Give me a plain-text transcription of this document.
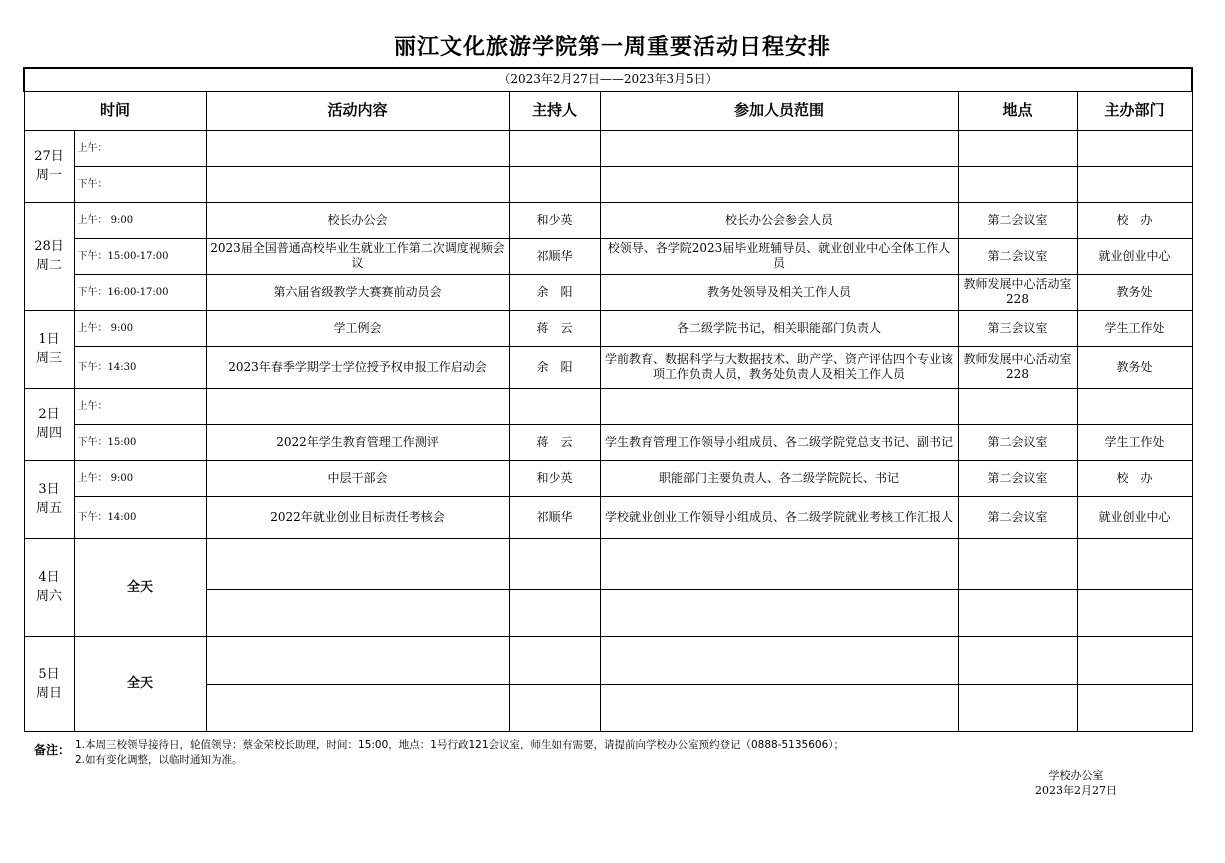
丽江文化旅游学院第一周重要活动日程安排
（2023年2月27日——2023年3月5日）						
时间		活动内容	主持人	参加人员范围	地点	主办部门

27日
周一	上午：					
	下午：					

28日
周二	上午： 9:00	校长办公会	和少英	校长办公会参会人员	第二会议室	校　办
	下午：15:00-17:00	2023届全国普通高校毕业生就业工作第二次调度视频会议	祁顺华	校领导、各学院2023届毕业班辅导员、就业创业中心全体工作人员	第二会议室	就业创业中心
	下午：16:00-17:00	第六届省级教学大赛赛前动员会	余　阳	教务处领导及相关工作人员	教师发展中心活动室228	教务处

1日
周三	上午： 9:00	学工例会	蒋　云	各二级学院书记，相关职能部门负责人	第三会议室	学生工作处
	下午：14:30	2023年春季学期学士学位授予权申报工作启动会	余　阳	学前教育、数据科学与大数据技术、助产学、资产评估四个专业该项工作负责人员，教务处负责人及相关工作人员	教师发展中心活动室228	教务处

2日
周四	上午：					
	下午：15:00	2022年学生教育管理工作测评	蒋　云	学生教育管理工作领导小组成员、各二级学院党总支书记、副书记	第二会议室	学生工作处

3日
周五	上午： 9:00	中层干部会	和少英	职能部门主要负责人、各二级学院院长、书记	第二会议室	校　办
	下午：14:00	2022年就业创业目标责任考核会	祁顺华	学校就业创业工作领导小组成员、各二级学院就业考核工作汇报人	第二会议室	就业创业中心

4日
周六	全天					

5日
周日	全天					

备注： 1.本周三校领导接待日，轮值领导：蔡金荣校长助理，时间：15:00，地点：1号行政121会议室，师生如有需要，请提前向学校办公室预约登记（0888-5135606）；
2.如有变化调整，以临时通知为准。
学校办公室
2023年2月27日
